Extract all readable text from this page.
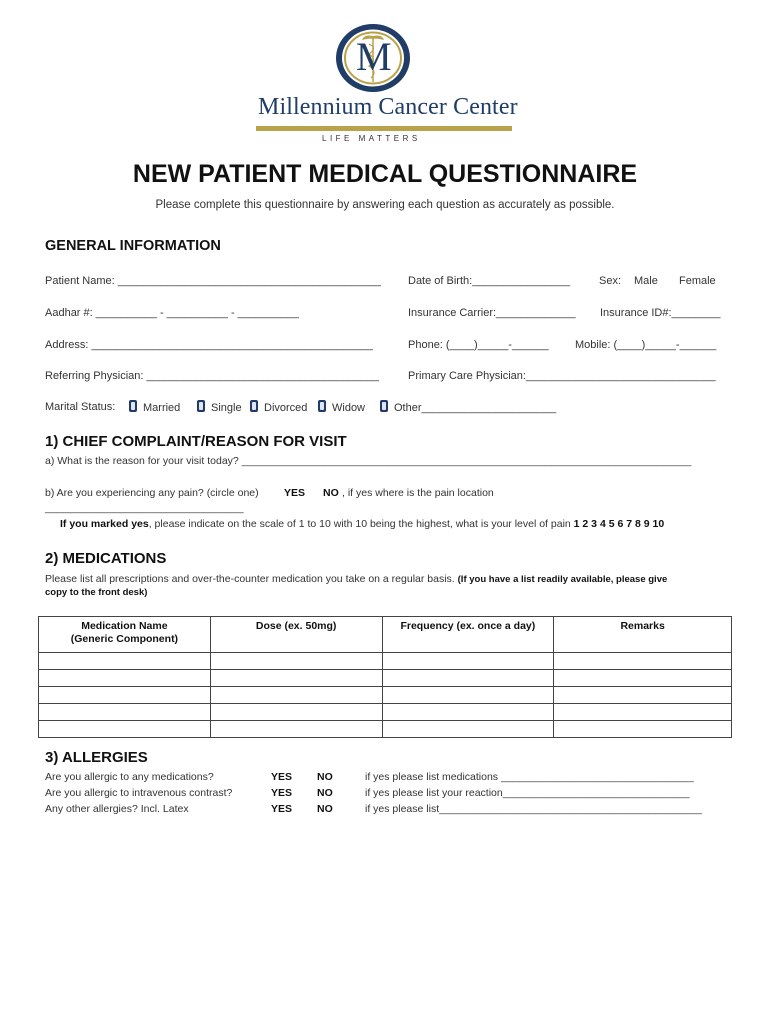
M
Millennium Cancer Center
LIFE MATTERS
NEW PATIENT MEDICAL QUESTIONNAIRE
Please complete this questionnaire by answering each question as accurately as possible.
GENERAL INFORMATION
Patient Name: ___________________________________________ Date of Birth:________________	Sex: Male Female
Aadhar #: __________ - __________ - __________	Insurance Carrier:_____________ Insurance ID#:________
Address: ______________________________________________	Phone: (____)_____-______ Mobile: (____)_____-______
Referring Physician: ______________________________________	Primary Care Physician:_______________________________
Marital Status:	Married	Single	Divorced	Widow	Other______________________
1) CHIEF COMPLAINT/REASON FOR VISIT
a) What is the reason for your visit today? _____________________________________________________________________________
b) Are you experiencing any pain? (circle one) YES NO , if yes where is the pain location
__________________________________
If you marked yes, please indicate on the scale of 1 to 10 with 10 being the highest, what is your level of pain 1 2 3 4 5 6 7 8 9 10
2) MEDICATIONS
Please list all prescriptions and over-the-counter medication you take on a regular basis. (If you have a list readily available, please give
copy to the front desk)
Medication Name
(Generic Component)	Dose (ex. 50mg)	Frequency (ex. once a day)	Remarks

3) ALLERGIES
Are you allergic to any medications?	YES NO	if yes please list medications _________________________________
Are you allergic to intravenous contrast?	YES NO	if yes please list your reaction________________________________
Any other allergies? Incl. Latex	YES NO	if yes please list_____________________________________________
